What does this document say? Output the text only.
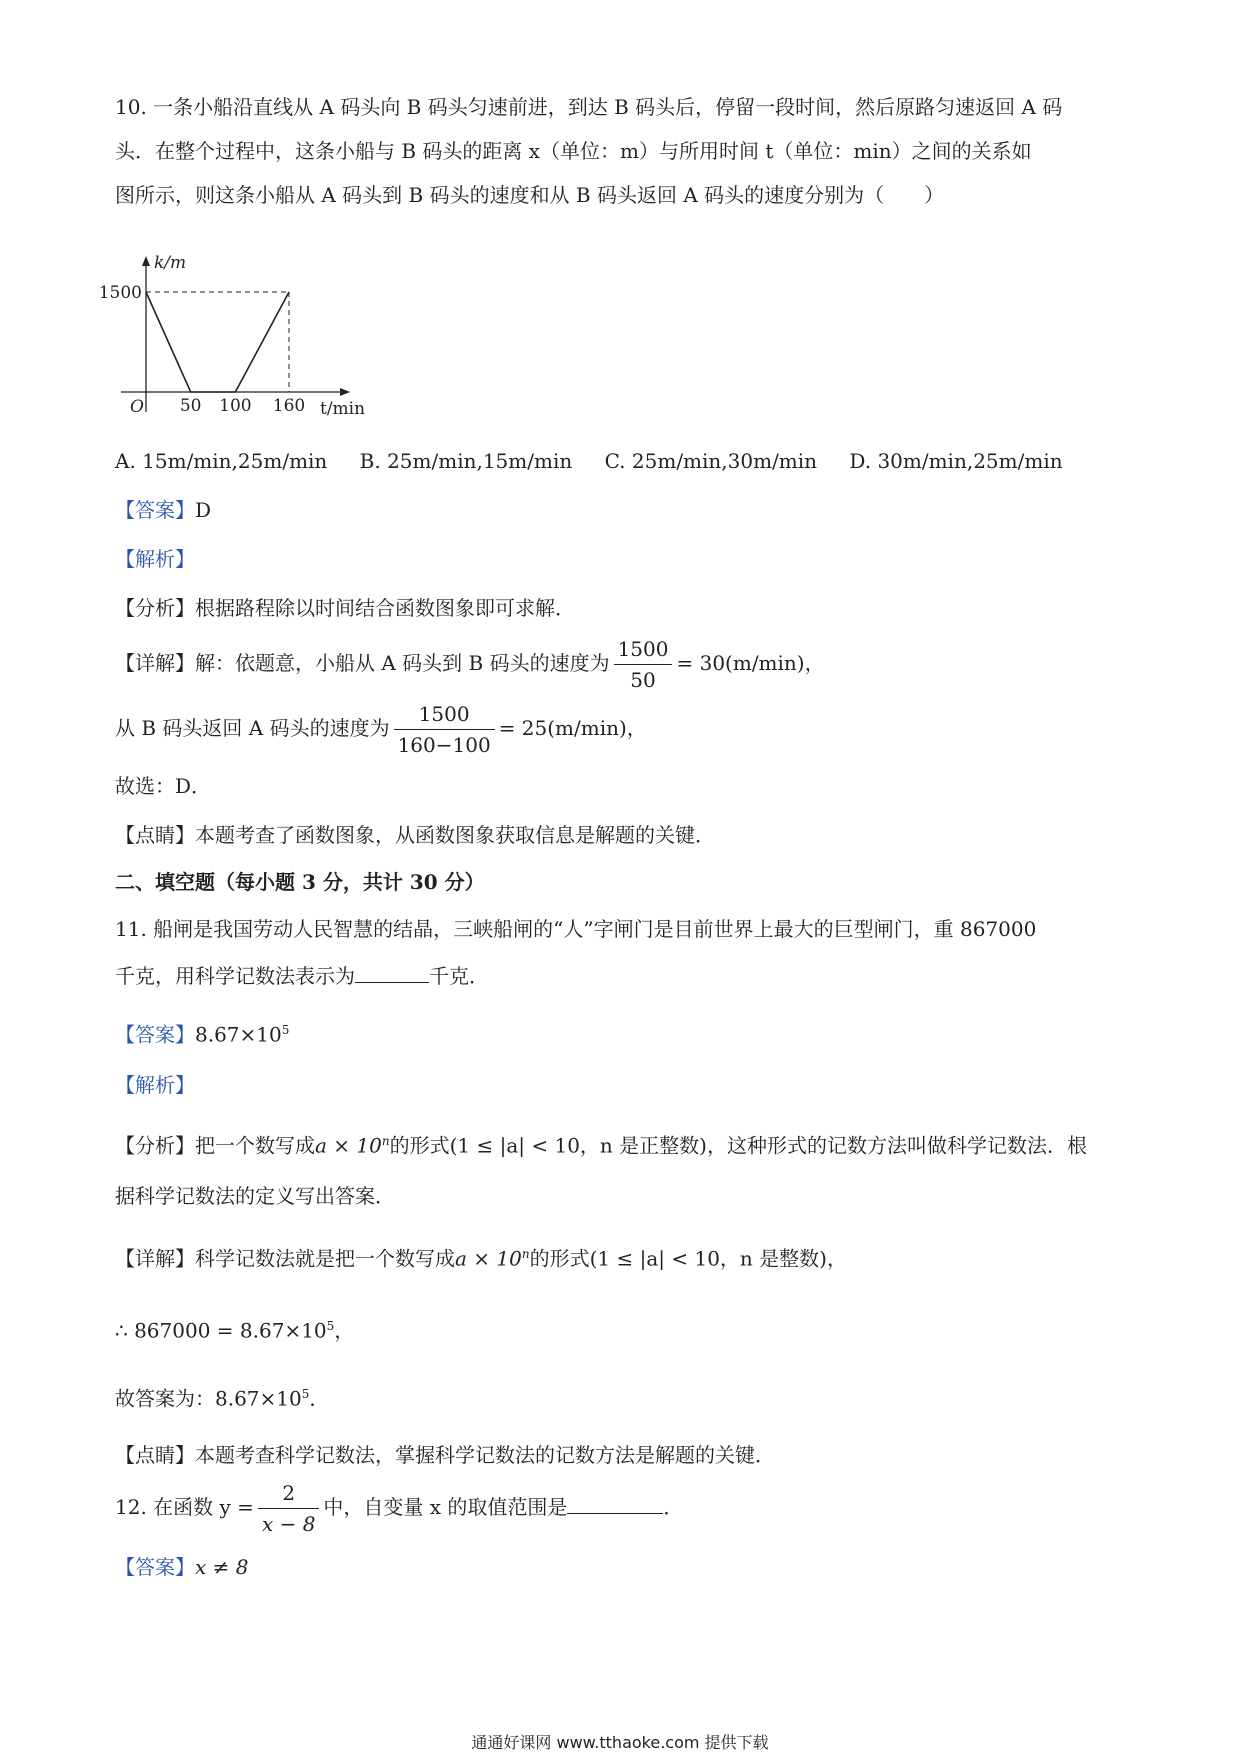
10. 一条小船沿直线从 A 码头向 B 码头匀速前进，到达 B 码头后，停留一段时间，然后原路匀速返回 A 码
头．在整个过程中，这条小船与 B 码头的距离 x（单位：m）与所用时间 t（单位：min）之间的关系如
图所示，则这条小船从 A 码头到 B 码头的速度和从 B 码头返回 A 码头的速度分别为（　　）
k/m
1500
O 50 100 160 t/min
A. 15m/min,25m/min B. 25m/min,15m/min C. 25m/min,30m/min D. 30m/min,25m/min
【答案】D
【解析】
【分析】根据路程除以时间结合函数图象即可求解．
【详解】解：依题意，小船从 A 码头到 B 码头的速度为 $\frac{1500}{50} = 30(m/\min)$，
从 B 码头返回 A 码头的速度为 $\frac{1500}{160-100} = 25(m/\min)$，
故选：D．
【点睛】本题考查了函数图象，从函数图象获取信息是解题的关键．
二、填空题（每小题 3 分，共计 30 分）
11. 船闸是我国劳动人民智慧的结晶，三峡船闸的“人”字闸门是目前世界上最大的巨型闸门，重 867000
千克，用科学记数法表示为	千克．
【答案】$8.67\times 10^5$
【解析】
【分析】把一个数写成$a \times 10^n$的形式(1 ≤ |a| < 10，n 是正整数)，这种形式的记数方法叫做科学记数法．根
据科学记数法的定义写出答案．
【详解】科学记数法就是把一个数写成$a \times 10^n$的形式(1 ≤ |a| < 10，n 是整数)，
∴ $867000 = 8.67\times 10^5$，
故答案为：$8.67\times 10^5$．
【点睛】本题考查科学记数法，掌握科学记数法的记数方法是解题的关键．
12. 在函数 $y = \frac{2}{x - 8}$ 中，自变量 x 的取值范围是	．
【答案】x ≠ 8
通通好课网 www.tthaoke.com 提供下载
